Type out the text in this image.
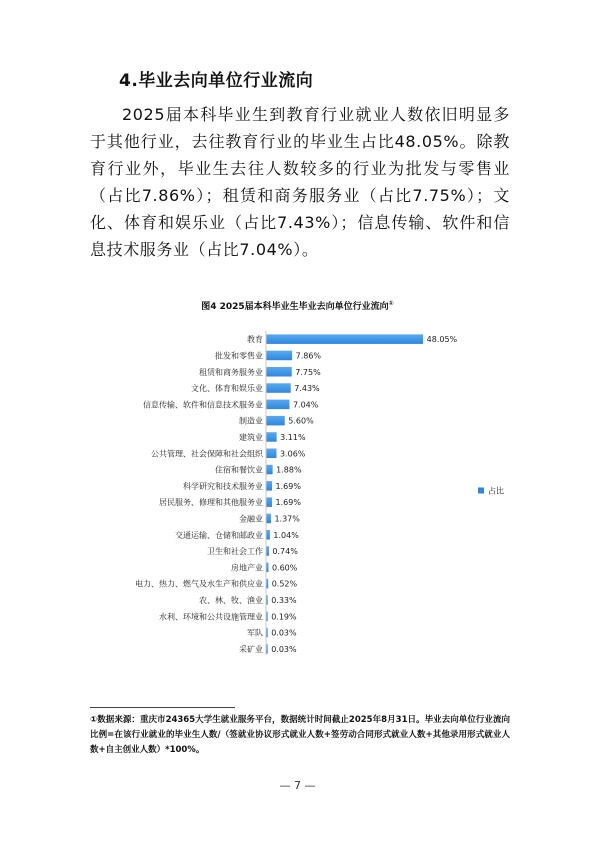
4.毕业去向单位行业流向
2025届本科毕业生到教育行业就业人数依旧明显多于其他行业，去往教育行业的毕业生占比48.05%。除教育行业外，毕业生去往人数较多的行业为批发与零售业（占比7.86%）；租赁和商务服务业（占比7.75%）；文化、体育和娱乐业（占比7.43%）；信息传输、软件和信息技术服务业（占比7.04%）。
图4 2025届本科毕业生毕业去向单位行业流向①
教育	48.05%
批发和零售业	7.86%
租赁和商务服务业	7.75%
文化、体育和娱乐业	7.43%
信息传输、软件和信息技术服务业	7.04%
制造业	5.60%
建筑业 3.11%
公共管理、社会保障和社会组织 3.06%
住宿和餐饮业 1.88%
科学研究和技术服务业 1.69%
居民服务、修理和其他服务业 1.69%
金融业 1.37%
交通运输、仓储和邮政业 1.04%
卫生和社会工作 0.74%
房地产业 0.60%
电力、热力、燃气及水生产和供应业 0.52%
农、林、牧、渔业 0.33%
水利、环境和公共设施管理业 0.19%
军队 0.03%
采矿业 0.03%
占比
①数据来源：重庆市24365大学生就业服务平台，数据统计时间截止2025年8月31日。毕业去向单位行业流向比例=在该行业就业的毕业生人数/（签就业协议形式就业人数+签劳动合同形式就业人数+其他录用形式就业人数+自主创业人数）*100%。
— 7 —
